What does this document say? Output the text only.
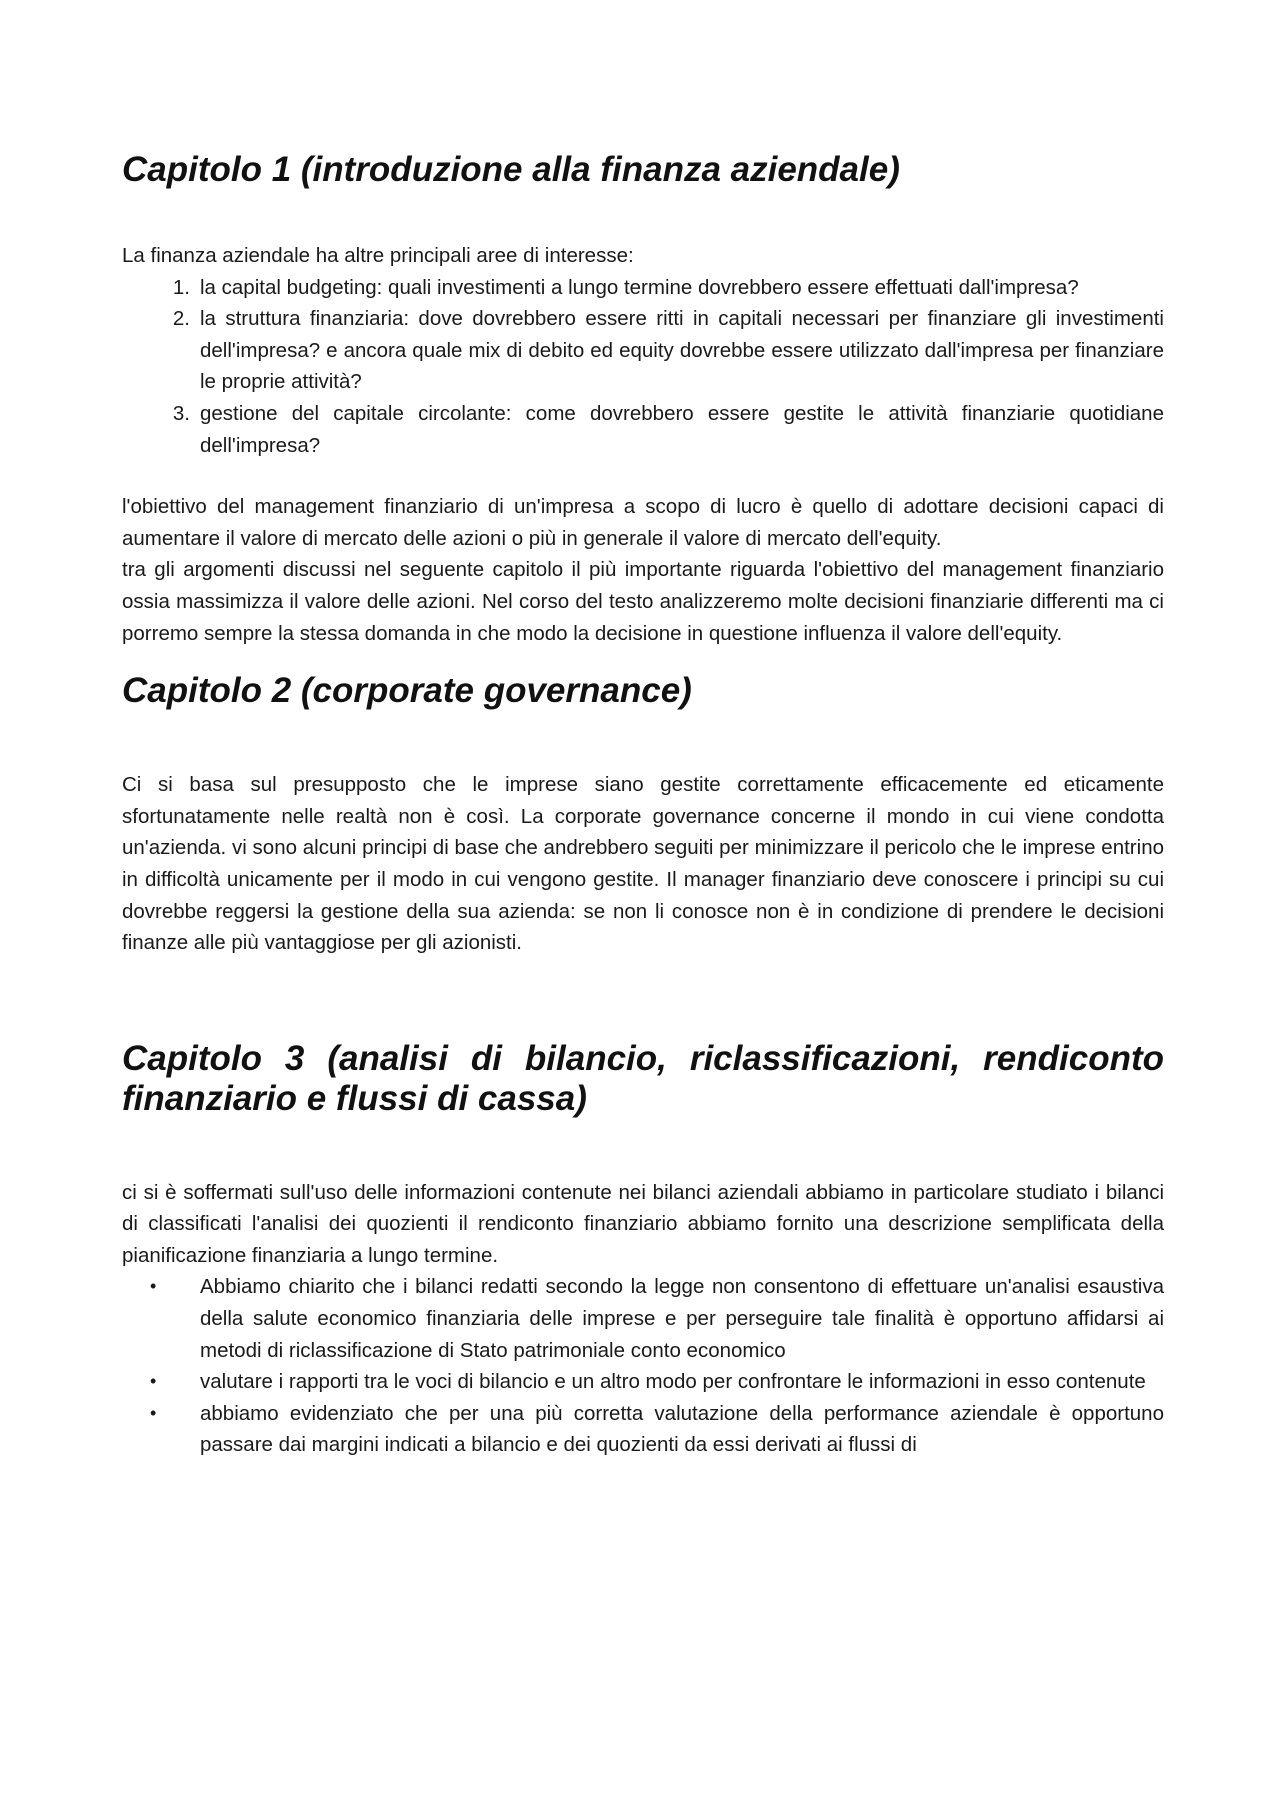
Capitolo 1 (introduzione alla finanza aziendale)

La finanza aziendale ha altre principali aree di interesse:

1. la capital budgeting: quali investimenti a lungo termine dovrebbero essere effettuati dall'impresa?
2. la struttura finanziaria: dove dovrebbero essere ritti in capitali necessari per finanziare gli investimenti dell'impresa? e ancora quale mix di debito ed equity dovrebbe essere utilizzato dall'impresa per finanziare le proprie attività?
3. gestione del capitale circolante: come dovrebbero essere gestite le attività finanziarie quotidiane dell'impresa?

l'obiettivo del management finanziario di un'impresa a scopo di lucro è quello di adottare decisioni capaci di aumentare il valore di mercato delle azioni o più in generale il valore di mercato dell'equity.

tra gli argomenti discussi nel seguente capitolo il più importante riguarda l'obiettivo del management finanziario ossia massimizza il valore delle azioni. Nel corso del testo analizzeremo molte decisioni finanziarie differenti ma ci porremo sempre la stessa domanda in che modo la decisione in questione influenza il valore dell'equity.

Capitolo 2 (corporate governance)

Ci si basa sul presupposto che le imprese siano gestite correttamente efficacemente ed eticamente sfortunatamente nelle realtà non è così. La corporate governance concerne il mondo in cui viene condotta un'azienda. vi sono alcuni principi di base che andrebbero seguiti per minimizzare il pericolo che le imprese entrino in difficoltà unicamente per il modo in cui vengono gestite. Il manager finanziario deve conoscere i principi su cui dovrebbe reggersi la gestione della sua azienda: se non li conosce non è in condizione di prendere le decisioni finanze alle più vantaggiose per gli azionisti.

Capitolo 3 (analisi di bilancio, riclassificazioni, rendiconto finanziario e flussi di cassa)

ci si è soffermati sull'uso delle informazioni contenute nei bilanci aziendali abbiamo in particolare studiato i bilanci di classificati l'analisi dei quozienti il rendiconto finanziario abbiamo fornito una descrizione semplificata della pianificazione finanziaria a lungo termine.

• Abbiamo chiarito che i bilanci redatti secondo la legge non consentono di effettuare un'analisi esaustiva della salute economico finanziaria delle imprese e per perseguire tale finalità è opportuno affidarsi ai metodi di riclassificazione di Stato patrimoniale conto economico
• valutare i rapporti tra le voci di bilancio e un altro modo per confrontare le informazioni in esso contenute
• abbiamo evidenziato che per una più corretta valutazione della performance aziendale è opportuno passare dai margini indicati a bilancio e dei quozienti da essi derivati ai flussi di
